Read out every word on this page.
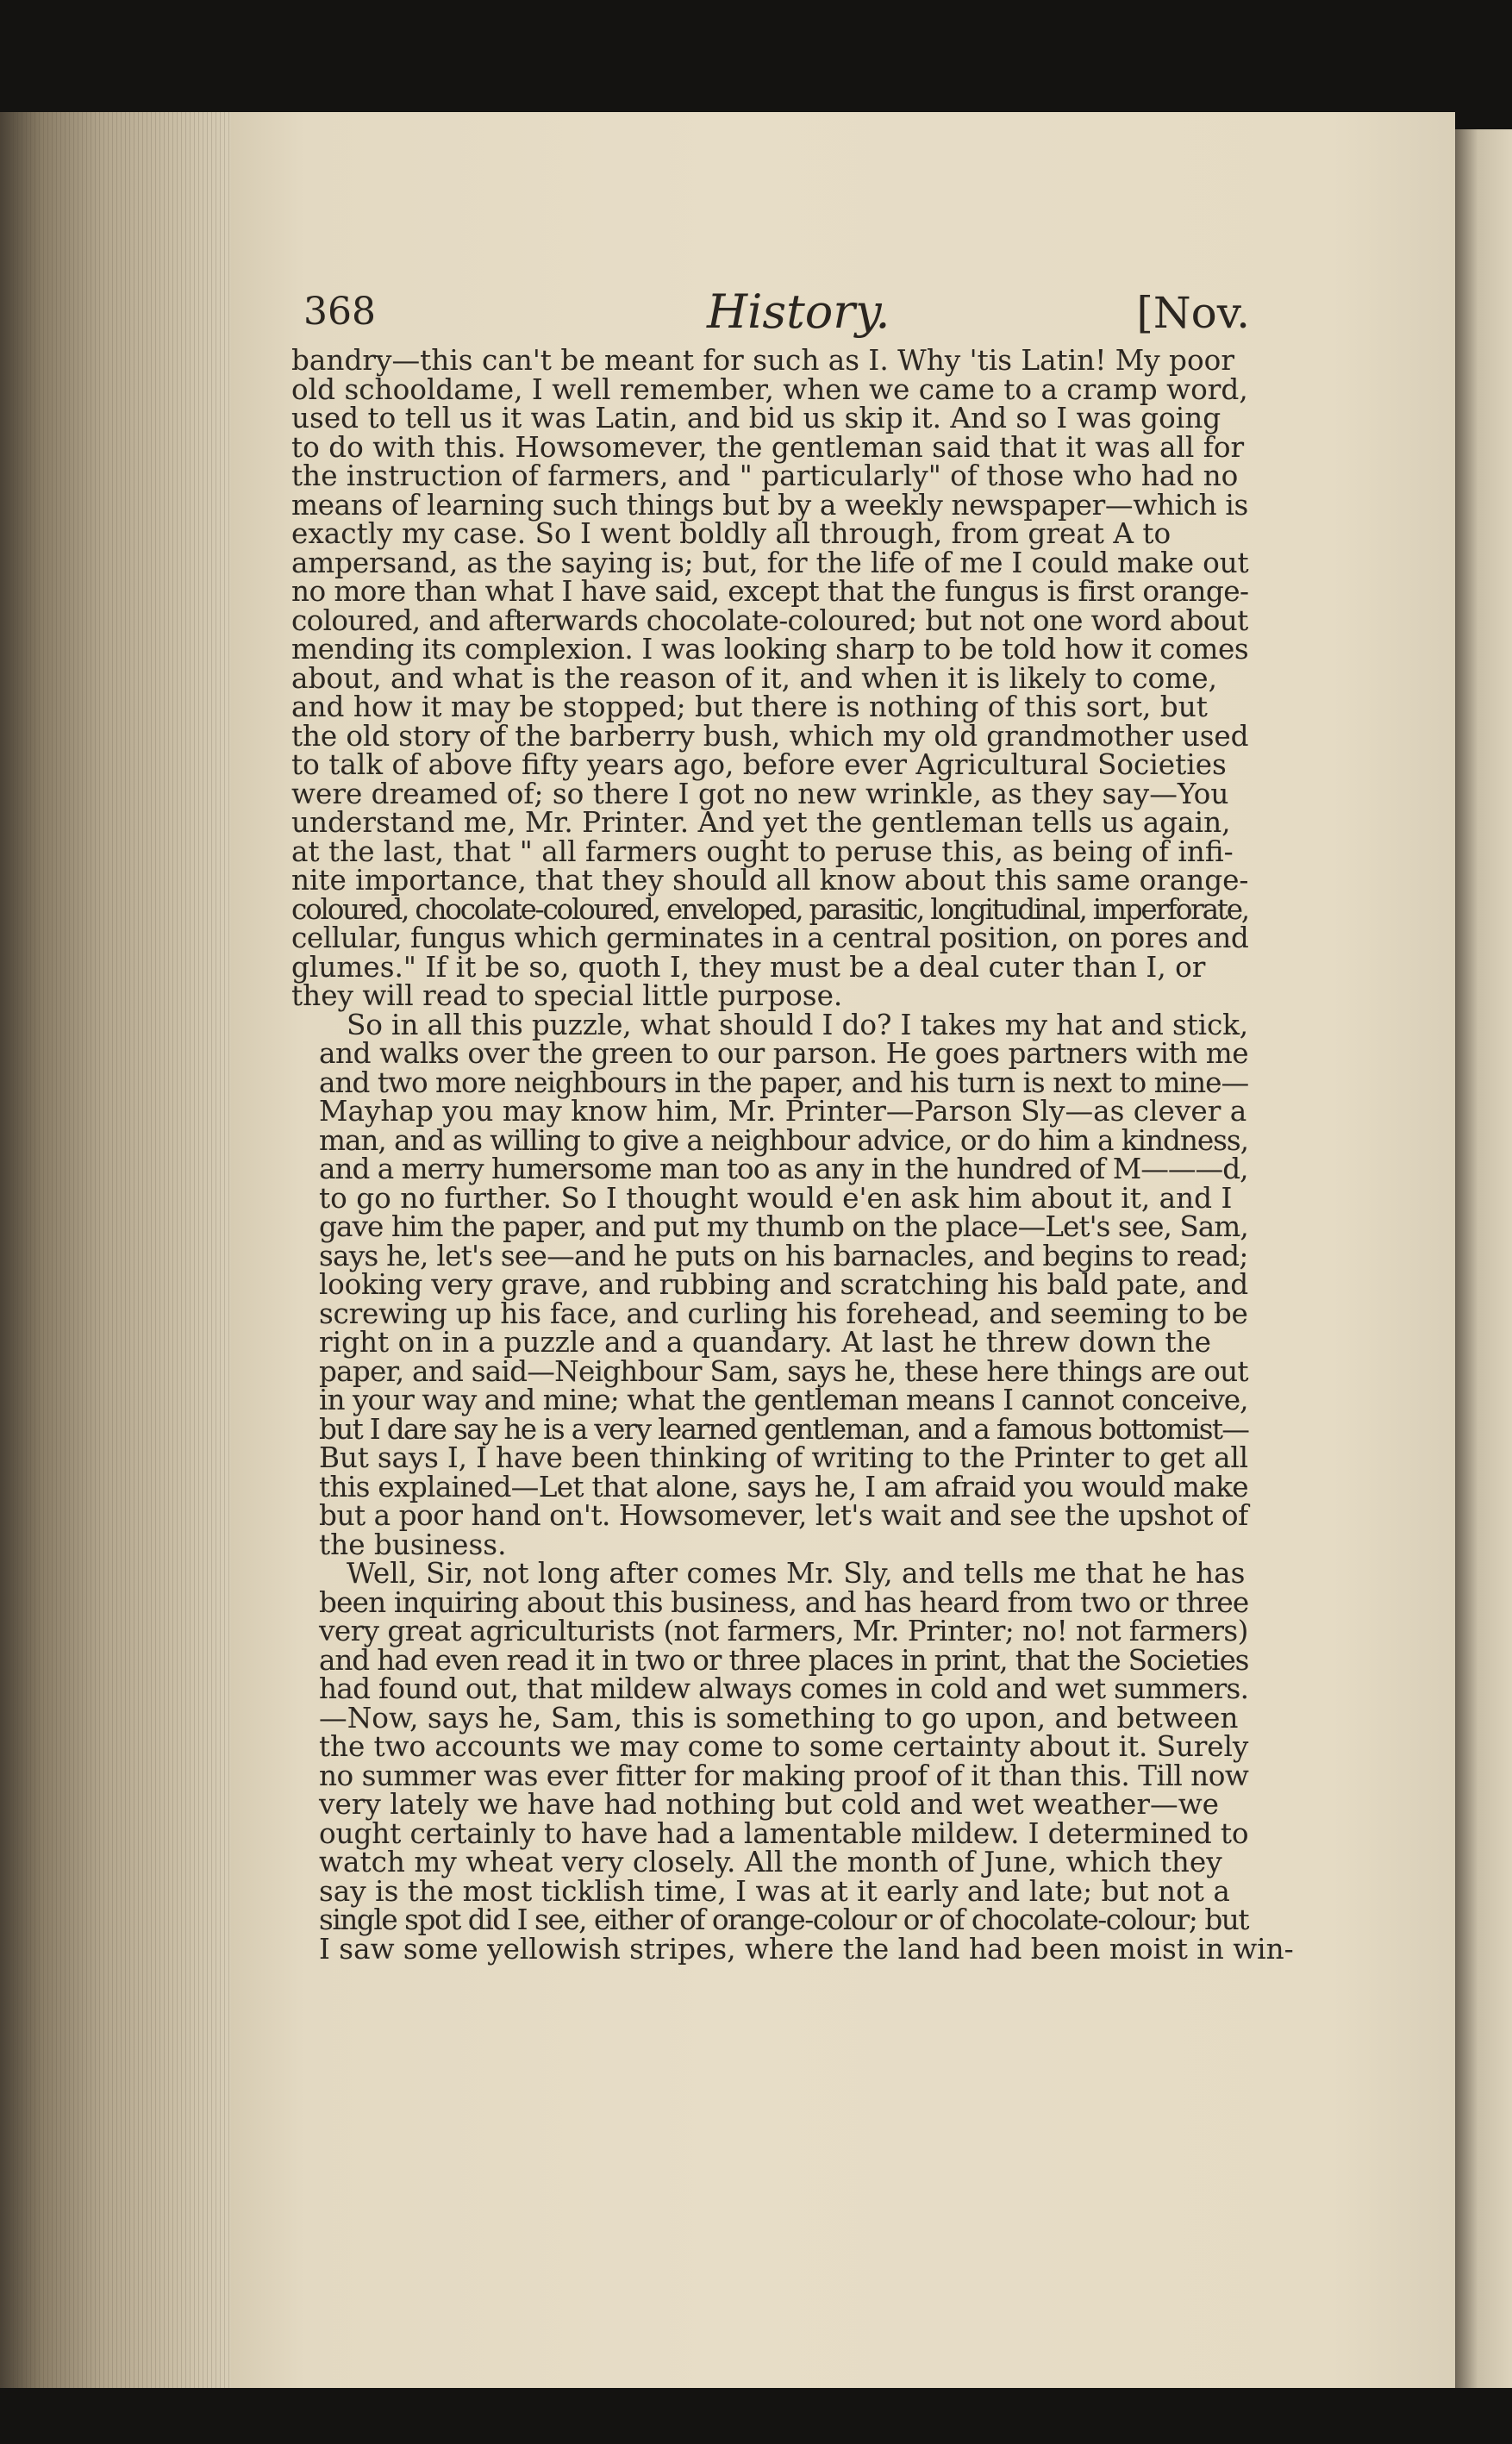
368	History.	[Nov.
bandry—this can't be meant for such as I. Why 'tis Latin! My poor
old schooldame, I well remember, when we came to a cramp word,
used to tell us it was Latin, and bid us skip it. And so I was going
to do with this. Howsomever, the gentleman said that it was all for
the instruction of farmers, and " particularly" of those who had no
means of learning such things but by a weekly newspaper—which is
exactly my case. So I went boldly all through, from great A to
ampersand, as the saying is; but, for the life of me I could make out
no more than what I have said, except that the fungus is first orange-
coloured, and afterwards chocolate-coloured; but not one word about
mending its complexion. I was looking sharp to be told how it comes
about, and what is the reason of it, and when it is likely to come,
and how it may be stopped; but there is nothing of this sort, but
the old story of the barberry bush, which my old grandmother used
to talk of above fifty years ago, before ever Agricultural Societies
were dreamed of; so there I got no new wrinkle, as they say—You
understand me, Mr. Printer. And yet the gentleman tells us again,
at the last, that " all farmers ought to peruse this, as being of infi-
nite importance, that they should all know about this same orange-
coloured, chocolate-coloured, enveloped, parasitic, longitudinal, imperforate,
cellular, fungus which germinates in a central position, on pores and
glumes." If it be so, quoth I, they must be a deal cuter than I, or
they will read to special little purpose.
So in all this puzzle, what should I do? I takes my hat and stick,
and walks over the green to our parson. He goes partners with me
and two more neighbours in the paper, and his turn is next to mine—
Mayhap you may know him, Mr. Printer—Parson Sly—as clever a
man, and as willing to give a neighbour advice, or do him a kindness,
and a merry humersome man too as any in the hundred of M———d,
to go no further. So I thought would e'en ask him about it, and I
gave him the paper, and put my thumb on the place—Let's see, Sam,
says he, let's see—and he puts on his barnacles, and begins to read;
looking very grave, and rubbing and scratching his bald pate, and
screwing up his face, and curling his forehead, and seeming to be
right on in a puzzle and a quandary. At last he threw down the
paper, and said—Neighbour Sam, says he, these here things are out
in your way and mine; what the gentleman means I cannot conceive,
but I dare say he is a very learned gentleman, and a famous bottomist—
But says I, I have been thinking of writing to the Printer to get all
this explained—Let that alone, says he, I am afraid you would make
but a poor hand on't. Howsomever, let's wait and see the upshot of
the business.
Well, Sir, not long after comes Mr. Sly, and tells me that he has
been inquiring about this business, and has heard from two or three
very great agriculturists (not farmers, Mr. Printer; no! not farmers)
and had even read it in two or three places in print, that the Societies
had found out, that mildew always comes in cold and wet summers.
—Now, says he, Sam, this is something to go upon, and between
the two accounts we may come to some certainty about it. Surely
no summer was ever fitter for making proof of it than this. Till now
very lately we have had nothing but cold and wet weather—we
ought certainly to have had a lamentable mildew. I determined to
watch my wheat very closely. All the month of June, which they
say is the most ticklish time, I was at it early and late; but not a
single spot did I see, either of orange-colour or of chocolate-colour; but
I saw some yellowish stripes, where the land had been moist in win-
